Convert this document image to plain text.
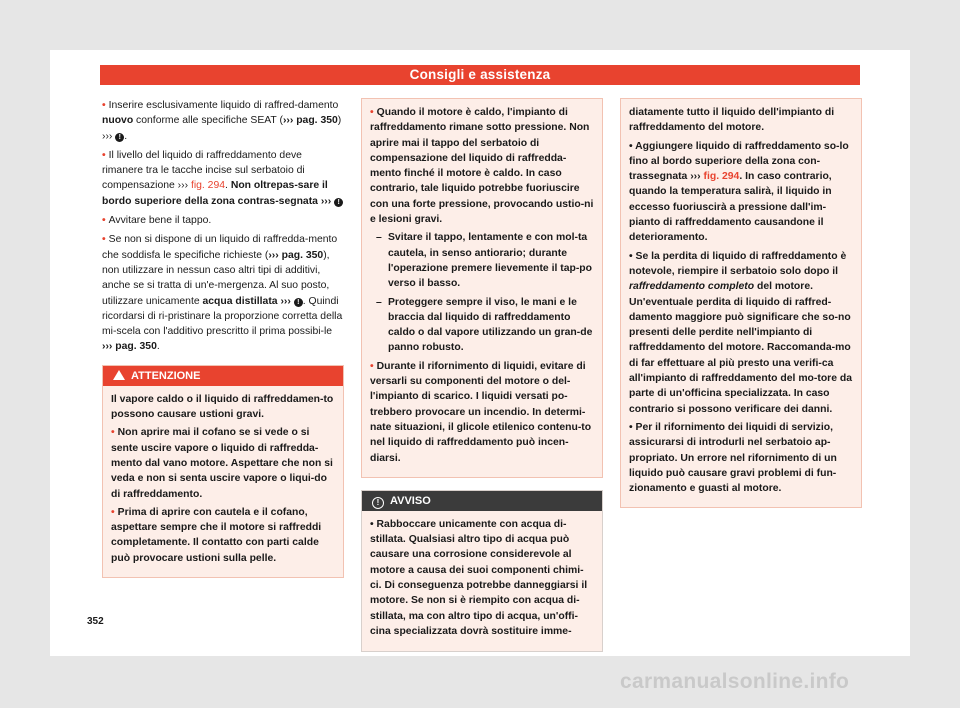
Consigli e assistenza

• Inserire esclusivamente liquido di raffred-damento nuovo conforme alle specifiche SEAT (››› pag. 350) ››› ! .

• Il livello del liquido di raffreddamento deve rimanere tra le tacche incise sul serbatoio di compensazione ››› fig. 294. Non oltrepas-sare il bordo superiore della zona contras-segnata ››› !

• Avvitare bene il tappo.

• Se non si dispone di un liquido di raffredda-mento che soddisfa le specifiche richieste (››› pag. 350), non utilizzare in nessun caso altri tipi di additivi, anche se si tratta di un'e-mergenza. Al suo posto, utilizzare unicamente acqua distillata ››› ! . Quindi ricordarsi di ri-pristinare la proporzione corretta della mi-scela con l'additivo prescritto il prima possibi-le ››› pag. 350.

ATTENZIONE

Il vapore caldo o il liquido di raffreddamen-to possono causare ustioni gravi.

• Non aprire mai il cofano se si vede o si sente uscire vapore o liquido di raffredda-mento dal vano motore. Aspettare che non si veda e non si senta uscire vapore o liqui-do di raffreddamento.

• Prima di aprire con cautela e il cofano, aspettare sempre che il motore si raffreddi completamente. Il contatto con parti calde può provocare ustioni sulla pelle.

• Quando il motore è caldo, l'impianto di raffreddamento rimane sotto pressione. Non aprire mai il tappo del serbatoio di compensazione del liquido di raffredda-mento finché il motore è caldo. In caso contrario, tale liquido potrebbe fuoriuscire con una forte pressione, provocando ustio-ni e lesioni gravi.

– Svitare il tappo, lentamente e con mol-ta cautela, in senso antiorario; durante l'operazione premere lievemente il tap-po verso il basso.
– Proteggere sempre il viso, le mani e le braccia dal liquido di raffreddamento caldo o dal vapore utilizzando un gran-de panno robusto.

• Durante il rifornimento di liquidi, evitare di versarli su componenti del motore o del-l'impianto di scarico. I liquidi versati po-trebbero provocare un incendio. In determi-nate situazioni, il glicole etilenico contenu-to nel liquido di raffreddamento può incen-diarsi.

! AVVISO

• Rabboccare unicamente con acqua di-stillata. Qualsiasi altro tipo di acqua può causare una corrosione considerevole al motore a causa dei suoi componenti chimi-ci. Di conseguenza potrebbe danneggiarsi il motore. Se non si è riempito con acqua di-stillata, ma con altro tipo di acqua, un'offi-cina specializzata dovrà sostituire imme-

diatamente tutto il liquido dell'impianto di raffreddamento del motore.

• Aggiungere liquido di raffreddamento so-lo fino al bordo superiore della zona con-trassegnata ››› fig. 294. In caso contrario, quando la temperatura salirà, il liquido in eccesso fuoriuscirà a pressione dall'im-pianto di raffreddamento causandone il deterioramento.

• Se la perdita di liquido di raffreddamento è notevole, riempire il serbatoio solo dopo il raffreddamento completo del motore. Un'eventuale perdita di liquido di raffred-damento maggiore può significare che so-no presenti delle perdite nell'impianto di raffreddamento del motore. Raccomanda-mo di far effettuare al più presto una verifi-ca all'impianto di raffreddamento del mo-tore da parte di un'officina specializzata. In caso contrario si possono verificare dei danni.

• Per il rifornimento dei liquidi di servizio, assicurarsi di introdurli nel serbatoio ap-propriato. Un errore nel rifornimento di un liquido può causare gravi problemi di fun-zionamento e guasti al motore.

352
carmanualsonline.info
